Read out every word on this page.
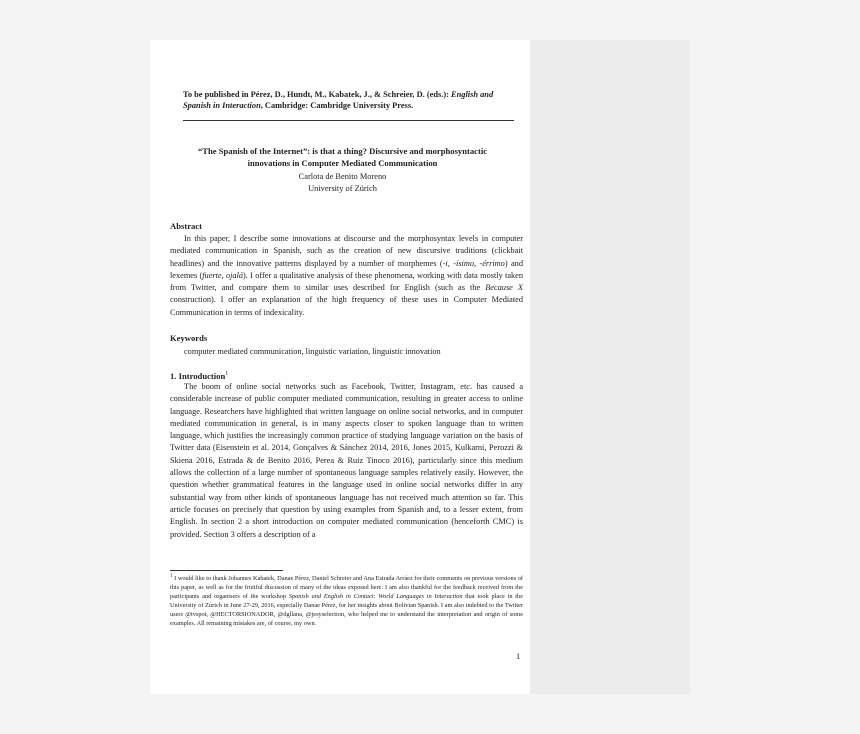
To be published in Pérez, D., Hundt, M., Kabatek, J., & Schreier, D. (eds.): English and Spanish in Interaction, Cambridge: Cambridge University Press.
“The Spanish of the Internet”: is that a thing? Discursive and morphosyntactic
innovations in Computer Mediated Communication
Carlota de Benito Moreno
University of Zürich
Abstract

In this paper, I describe some innovations at discourse and the morphosyntax levels in computer mediated communication in Spanish, such as the creation of new discursive traditions (clickbait headlines) and the innovative patterns displayed by a number of morphemes (-i, -ísimo, -érrimo) and lexemes (fuerte, ojalá). I offer a qualitative analysis of these phenomena, working with data mostly taken from Twitter, and compare them to similar uses described for English (such as the Because X construction). I offer an explanation of the high frequency of these uses in Computer Mediated Communication in terms of indexicality.

Keywords
computer mediated communication, linguistic variation, linguistic innovation
1. Introduction$^1$

The boom of online social networks such as Facebook, Twitter, Instagram, etc. has caused a considerable increase of public computer mediated communication, resulting in greater access to online language. Researchers have highlighted that written language on online social networks, and in computer mediated communication in general, is in many aspects closer to spoken language than to written language, which justifies the increasingly common practice of studying language variation on the basis of Twitter data (Eisenstein et al. 2014, Gonçalves & Sánchez 2014, 2016, Jones 2015, Kulkarni, Perozzi & Skiena 2016, Estrada & de Benito 2016, Perea & Ruiz Tinoco 2016), particularly since this medium allows the collection of a large number of spontaneous language samples relatively easily. However, the question whether grammatical features in the language used in online social networks differ in any substantial way from other kinds of spontaneous language has not received much attention so far. This article focuses on precisely that question by using examples from Spanish and, to a lesser extent, from English. In section 2 a short introduction on computer mediated communication (henceforth CMC) is provided. Section 3 offers a description of a

$^1$ I would like to thank Johannes Kabatek, Danae Pérez, Daniel Schreier and Ana Estrada Arráez for their comments on previous versions of this paper, as well as for the fruitful discussion of many of the ideas exposed here. I am also thankful for the feedback received from the participants and organisers of the workshop Spanish and English in Contact: World Languages in Interaction that took place in the University of Zurich in June 27-29, 2016, especially Danae Pérez, for her insights about Bolivian Spanish. I am also indebted to the Twitter users @tvspot, @HECTORSIONADOR, @dgllana, @jesyselection, who helped me to understand the interpretation and origin of some examples. All remaining mistakes are, of course, my own.
1
